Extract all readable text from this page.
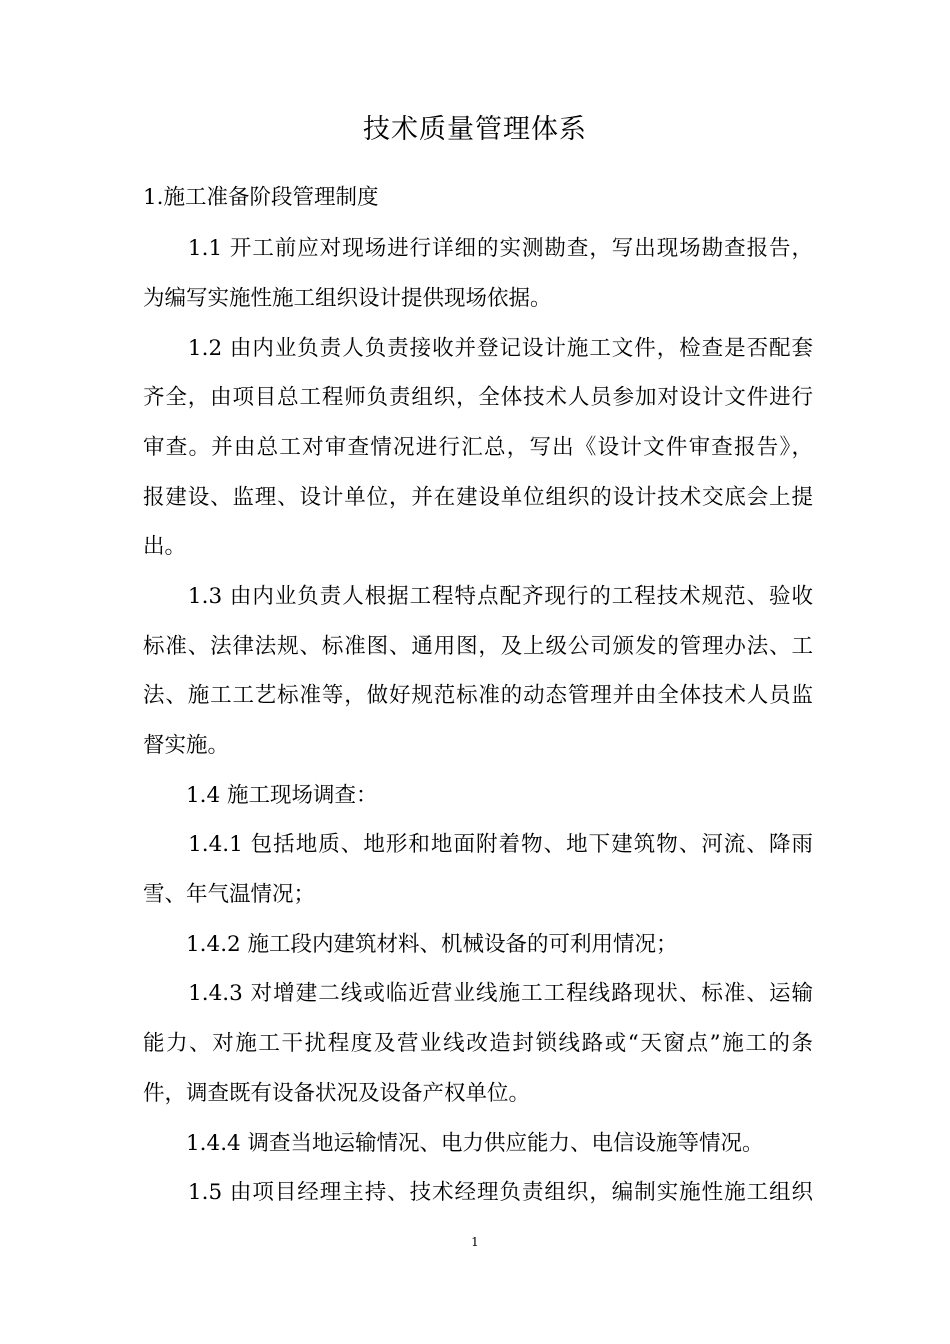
技术质量管理体系
1.施工准备阶段管理制度
　　1.1 开工前应对现场进行详细的实测勘查，写出现场勘查报告，
为编写实施性施工组织设计提供现场依据。
　　1.2 由内业负责人负责接收并登记设计施工文件，检查是否配套
齐全，由项目总工程师负责组织，全体技术人员参加对设计文件进行
审查。并由总工对审查情况进行汇总，写出《设计文件审查报告》，
报建设、监理、设计单位，并在建设单位组织的设计技术交底会上提
出。
　　1.3 由内业负责人根据工程特点配齐现行的工程技术规范、验收
标准、法律法规、标准图、通用图，及上级公司颁发的管理办法、工
法、施工工艺标准等，做好规范标准的动态管理并由全体技术人员监
督实施。
　　1.4 施工现场调查：
　　1.4.1 包括地质、地形和地面附着物、地下建筑物、河流、降雨
雪、年气温情况；
　　1.4.2 施工段内建筑材料、机械设备的可利用情况；
　　1.4.3 对增建二线或临近营业线施工工程线路现状、标准、运输
能力、对施工干扰程度及营业线改造封锁线路或“天窗点”施工的条
件，调查既有设备状况及设备产权单位。
　　1.4.4 调查当地运输情况、电力供应能力、电信设施等情况。
　　1.5 由项目经理主持、技术经理负责组织，编制实施性施工组织
1
